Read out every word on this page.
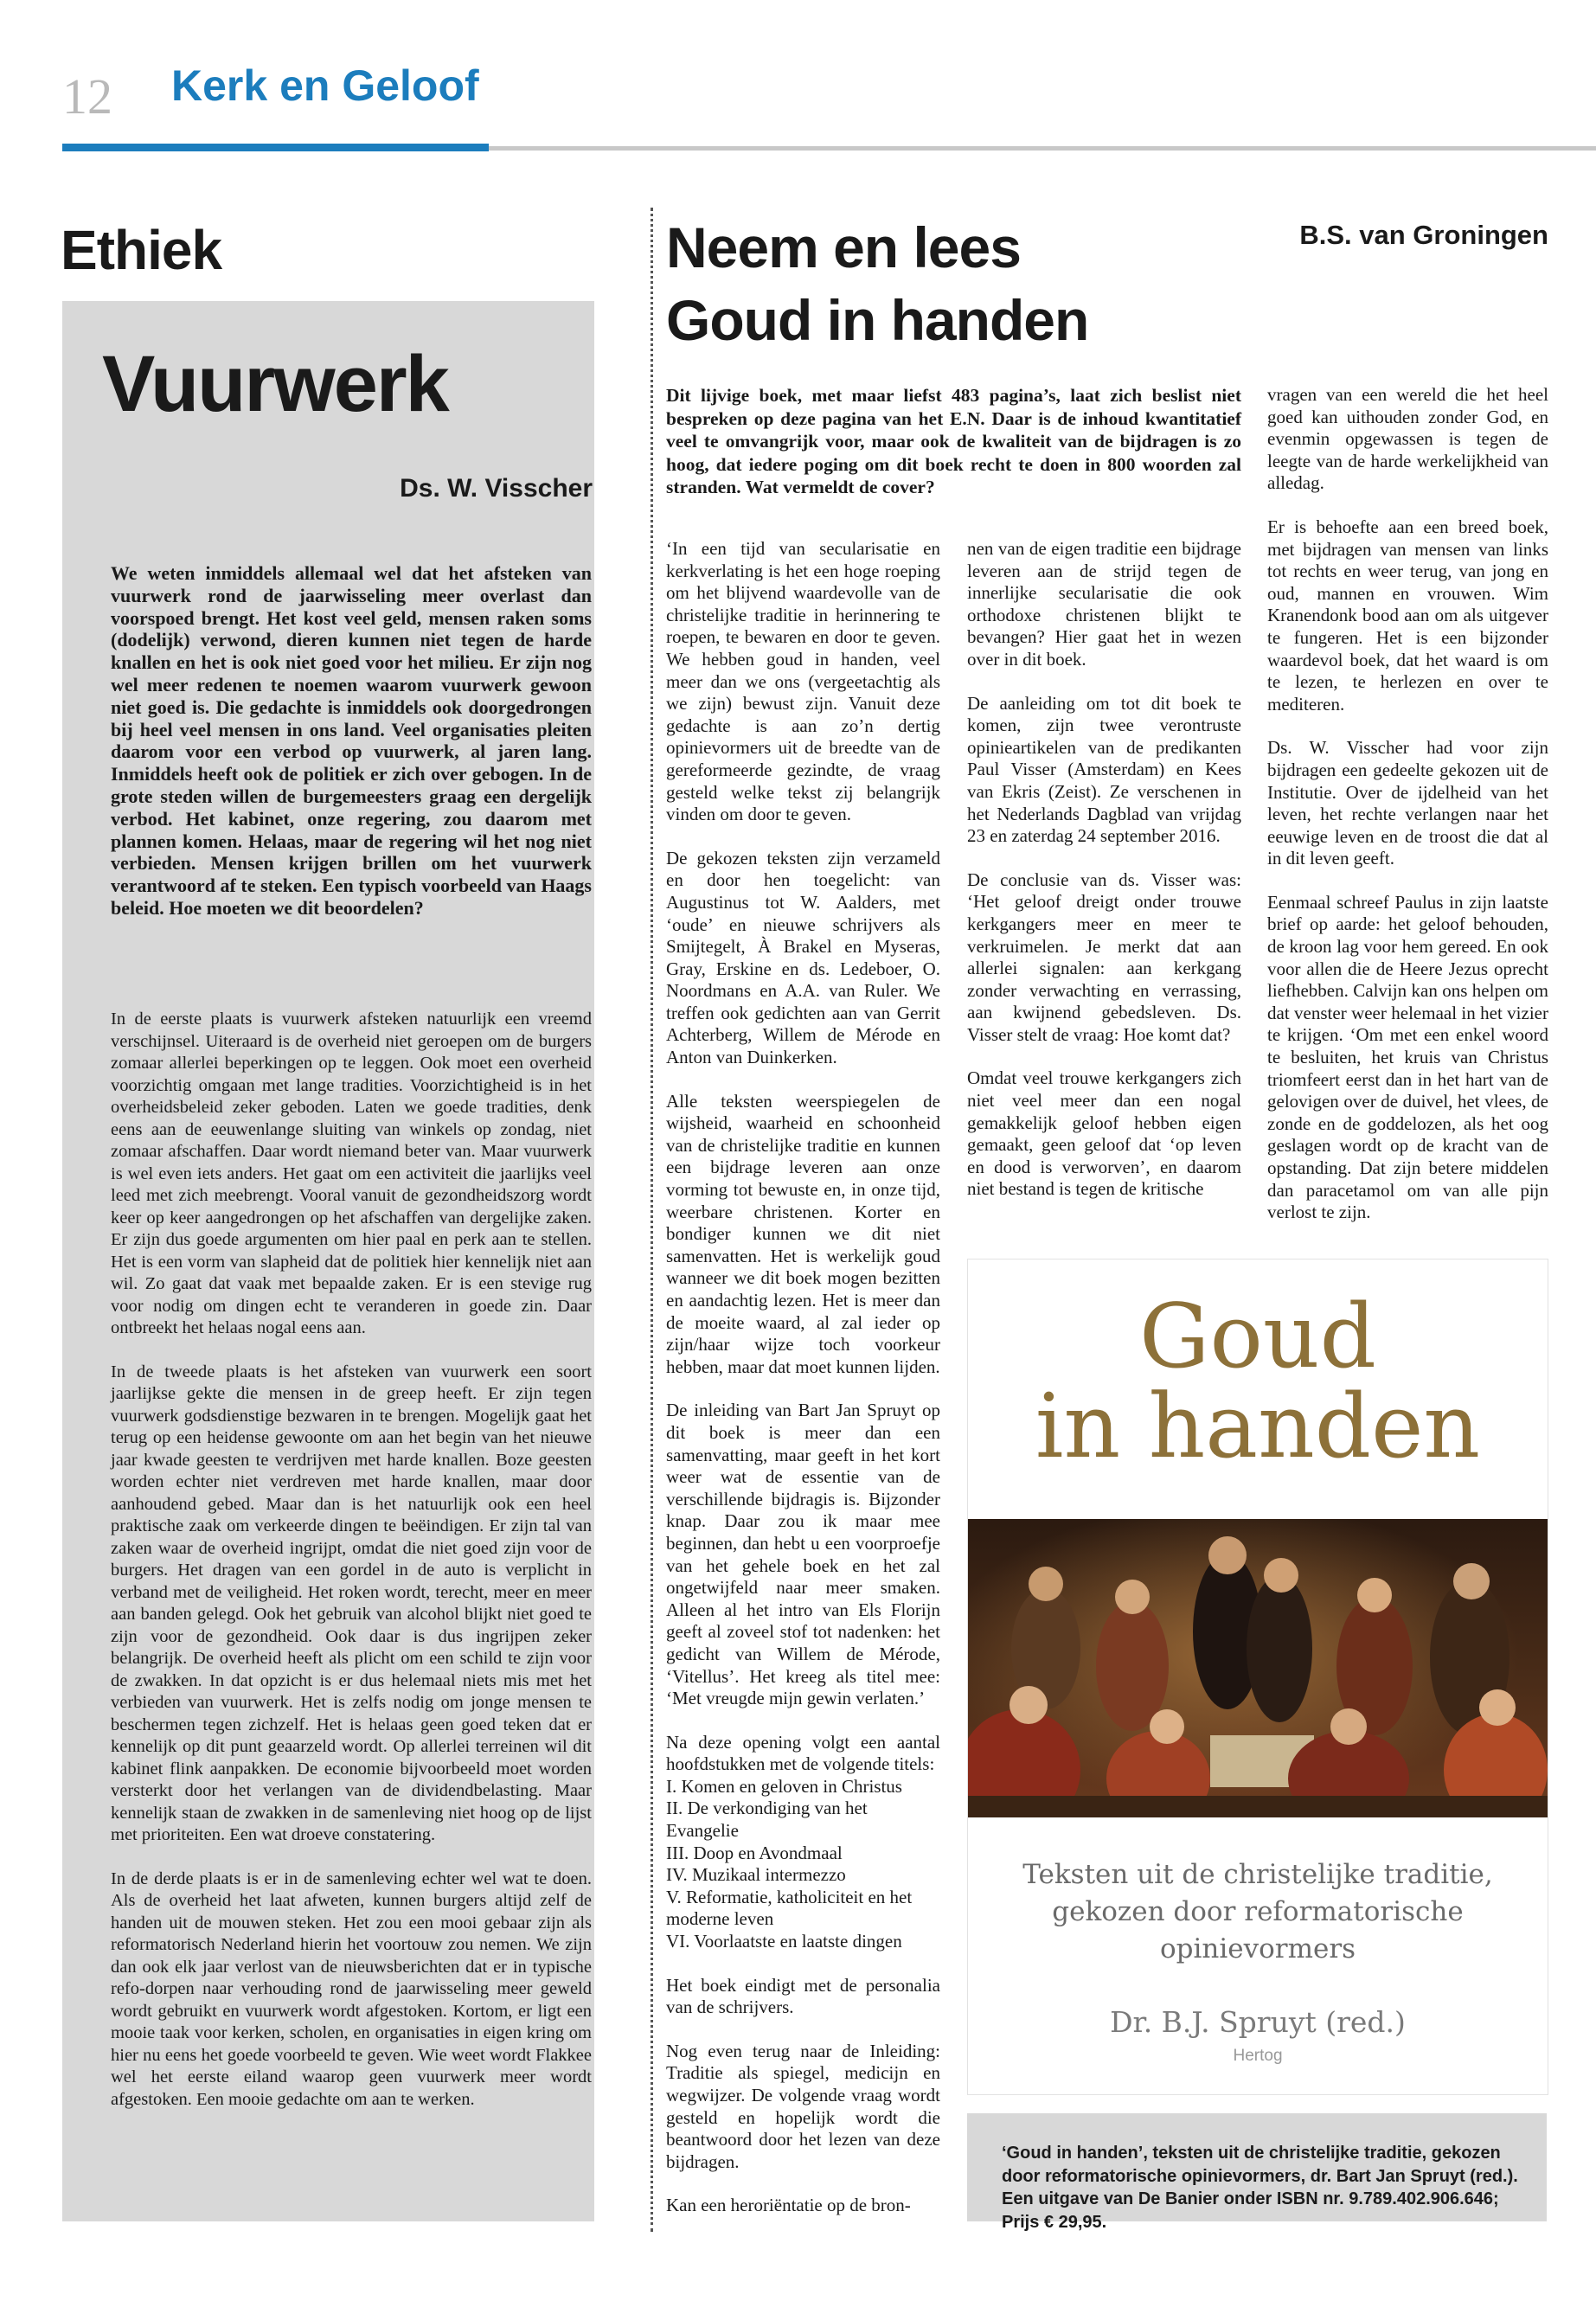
12 Kerk en Geloof
Ethiek
Vuurwerk
Ds. W. Visscher
We weten inmiddels allemaal wel dat het afsteken van vuurwerk rond de jaarwisseling meer overlast dan voorspoed brengt. Het kost veel geld, mensen raken soms (dodelijk) verwond, dieren kunnen niet tegen de harde knallen en het is ook niet goed voor het milieu. Er zijn nog wel meer redenen te noemen waarom vuurwerk gewoon niet goed is. Die gedachte is inmiddels ook doorgedrongen bij heel veel mensen in ons land. Veel organisaties pleiten daarom voor een verbod op vuurwerk, al jaren lang. Inmiddels heeft ook de politiek er zich over gebogen. In de grote steden willen de burgemeesters graag een dergelijk verbod. Het kabinet, onze regering, zou daarom met plannen komen. Helaas, maar de regering wil het nog niet verbieden. Mensen krijgen brillen om het vuurwerk verantwoord af te steken. Een typisch voorbeeld van Haags beleid. Hoe moeten we dit beoordelen?

In de eerste plaats is vuurwerk afsteken natuurlijk een vreemd verschijnsel. Uiteraard is de overheid niet geroepen om de burgers zomaar allerlei beperkingen op te leggen. Ook moet een overheid voorzichtig omgaan met lange tradities. Voorzichtigheid is in het overheidsbeleid zeker geboden. Laten we goede tradities, denk eens aan de eeuwenlange sluiting van winkels op zondag, niet zomaar afschaffen. Daar wordt niemand beter van. Maar vuurwerk is wel even iets anders. Het gaat om een activiteit die jaarlijks veel leed met zich meebrengt. Vooral vanuit de gezondheidszorg wordt keer op keer aangedrongen op het afschaffen van dergelijke zaken. Er zijn dus goede argumenten om hier paal en perk aan te stellen. Het is een vorm van slapheid dat de politiek hier kennelijk niet aan wil. Zo gaat dat vaak met bepaalde zaken. Er is een stevige rug voor nodig om dingen echt te veranderen in goede zin. Daar ontbreekt het helaas nogal eens aan.

In de tweede plaats is het afsteken van vuurwerk een soort jaarlijkse gekte die mensen in de greep heeft. Er zijn tegen vuurwerk godsdienstige bezwaren in te brengen. Mogelijk gaat het terug op een heidense gewoonte om aan het begin van het nieuwe jaar kwade geesten te verdrijven met harde knallen. Boze geesten worden echter niet verdreven met harde knallen, maar door aanhoudend gebed. Maar dan is het natuurlijk ook een heel praktische zaak om verkeerde dingen te beëindigen. Er zijn tal van zaken waar de overheid ingrijpt, omdat die niet goed zijn voor de burgers. Het dragen van een gordel in de auto is verplicht in verband met de veiligheid. Het roken wordt, terecht, meer en meer aan banden gelegd. Ook het gebruik van alcohol blijkt niet goed te zijn voor de gezondheid. Ook daar is dus ingrijpen zeker belangrijk. De overheid heeft als plicht om een schild te zijn voor de zwakken. In dat opzicht is er dus helemaal niets mis met het verbieden van vuurwerk. Het is zelfs nodig om jonge mensen te beschermen tegen zichzelf. Het is helaas geen goed teken dat er kennelijk op dit punt geaarzeld wordt. Op allerlei terreinen wil dit kabinet flink aanpakken. De economie bijvoorbeeld moet worden versterkt door het verlangen van de dividendbelasting. Maar kennelijk staan de zwakken in de samenleving niet hoog op de lijst met prioriteiten. Een wat droeve constatering.

In de derde plaats is er in de samenleving echter wel wat te doen. Als de overheid het laat afweten, kunnen burgers altijd zelf de handen uit de mouwen steken. Het zou een mooi gebaar zijn als reformatorisch Nederland hierin het voortouw zou nemen. We zijn dan ook elk jaar verlost van de nieuwsberichten dat er in typische refo-dorpen naar verhouding rond de jaarwisseling meer geweld wordt gebruikt en vuurwerk wordt afgestoken. Kortom, er ligt een mooie taak voor kerken, scholen, en organisaties in eigen kring om hier nu eens het goede voorbeeld te geven. Wie weet wordt Flakkee wel het eerste eiland waarop geen vuurwerk meer wordt afgestoken. Een mooie gedachte om aan te werken.

Neem en lees
Goud in handen
B.S. van Groningen
Dit lijvige boek, met maar liefst 483 pagina’s, laat zich beslist niet bespreken op deze pagina van het E.N. Daar is de inhoud kwantitatief veel te omvangrijk voor, maar ook de kwaliteit van de bijdragen is zo hoog, dat iedere poging om dit boek recht te doen in 800 woorden zal stranden. Wat vermeldt de cover?

‘In een tijd van secularisatie en kerkverlating is het een hoge roeping om het blijvend waardevolle van de christelijke traditie in herinnering te roepen, te bewaren en door te geven. We hebben goud in handen, veel meer dan we ons (vergeetachtig als we zijn) bewust zijn. Vanuit deze gedachte is aan zo’n dertig opinievormers uit de breedte van de gereformeerde gezindte, de vraag gesteld welke tekst zij belangrijk vinden om door te geven.

De gekozen teksten zijn verzameld en door hen toegelicht: van Augustinus tot W. Aalders, met ‘oude’ en nieuwe schrijvers als Smijtegelt, À Brakel en Myseras, Gray, Erskine en ds. Ledeboer, O. Noordmans en A.A. van Ruler. We treffen ook gedichten aan van Gerrit Achterberg, Willem de Mérode en Anton van Duinkerken.

Alle teksten weerspiegelen de wijsheid, waarheid en schoonheid van de christelijke traditie en kunnen een bijdrage leveren aan onze vorming tot bewuste en, in onze tijd, weerbare christenen. Korter en bondiger kunnen we dit niet samenvatten. Het is werkelijk goud wanneer we dit boek mogen bezitten en aandachtig lezen. Het is meer dan de moeite waard, al zal ieder op zijn/haar wijze toch voorkeur hebben, maar dat moet kunnen lijden.

De inleiding van Bart Jan Spruyt op dit boek is meer dan een samenvatting, maar geeft in het kort weer wat de essentie van de verschillende bijdragis is. Bijzonder knap. Daar zou ik maar mee beginnen, dan hebt u een voorproefje van het gehele boek en het zal ongetwijfeld naar meer smaken. Alleen al het intro van Els Florijn geeft al zoveel stof tot nadenken: het gedicht van Willem de Mérode, ‘Vitellus’. Het kreeg als titel mee: ‘Met vreugde mijn gewin verlaten.’

Na deze opening volgt een aantal hoofdstukken met de volgende titels:

I. Komen en geloven in Christus
II. De verkondiging van het Evangelie
III. Doop en Avondmaal
IV. Muzikaal intermezzo
V. Reformatie, katholiciteit en het moderne leven
VI. Voorlaatste en laatste dingen

Het boek eindigt met de personalia van de schrijvers.

Nog even terug naar de Inleiding: Traditie als spiegel, medicijn en wegwijzer. De volgende vraag wordt gesteld en hopelijk wordt die beantwoord door het lezen van deze bijdragen.

Kan een heroriëntatie op de bron-

nen van de eigen traditie een bijdrage leveren aan de strijd tegen de innerlijke secularisatie die ook orthodoxe christenen blijkt te bevangen? Hier gaat het in wezen over in dit boek.

De aanleiding om tot dit boek te komen, zijn twee verontruste opinieartikelen van de predikanten Paul Visser (Amsterdam) en Kees van Ekris (Zeist). Ze verschenen in het Nederlands Dagblad van vrijdag 23 en zaterdag 24 september 2016.

De conclusie van ds. Visser was: ‘Het geloof dreigt onder trouwe kerkgangers meer en meer te verkruimelen. Je merkt dat aan allerlei signalen: aan kerkgang zonder verwachting en verrassing, aan kwijnend gebedsleven. Ds. Visser stelt de vraag: Hoe komt dat?

Omdat veel trouwe kerkgangers zich niet veel meer dan een nogal gemakkelijk geloof hebben eigen gemaakt, geen geloof dat ‘op leven en dood is verworven’, en daarom niet bestand is tegen de kritische

vragen van een wereld die het heel goed kan uithouden zonder God, en evenmin opgewassen is tegen de leegte van de harde werkelijkheid van alledag.

Er is behoefte aan een breed boek, met bijdragen van mensen van links tot rechts en weer terug, van jong en oud, mannen en vrouwen. Wim Kranendonk bood aan om als uitgever te fungeren. Het is een bijzonder waardevol boek, dat het waard is om te lezen, te herlezen en over te mediteren.

Ds. W. Visscher had voor zijn bijdragen een gedeelte gekozen uit de Institutie. Over de ijdelheid van het leven, het rechte verlangen naar het eeuwige leven en de troost die dat al in dit leven geeft.

Eenmaal schreef Paulus in zijn laatste brief op aarde: het geloof behouden, de kroon lag voor hem gereed. En ook voor allen die de Heere Jezus oprecht liefhebben. Calvijn kan ons helpen om dat venster weer helemaal in het vizier te krijgen. ‘Om met een enkel woord te besluiten, het kruis van Christus triomfeert eerst dan in het hart van de gelovigen over de duivel, het vlees, de zonde en de goddelozen, als het oog geslagen wordt op de kracht van de opstanding. Dat zijn betere middelen dan paracetamol om van alle pijn verlost te zijn.

Goud
in handen
Teksten uit de christelijke traditie,
gekozen door reformatorische
opinievormers
Dr. B.J. Spruyt (red.)
Hertog
‘Goud in handen’, teksten uit de christelijke traditie, gekozen door reformatorische opinievormers, dr. Bart Jan Spruyt (red.). Een uitgave van De Banier onder ISBN nr. 9.789.402.906.646; Prijs € 29,95.
